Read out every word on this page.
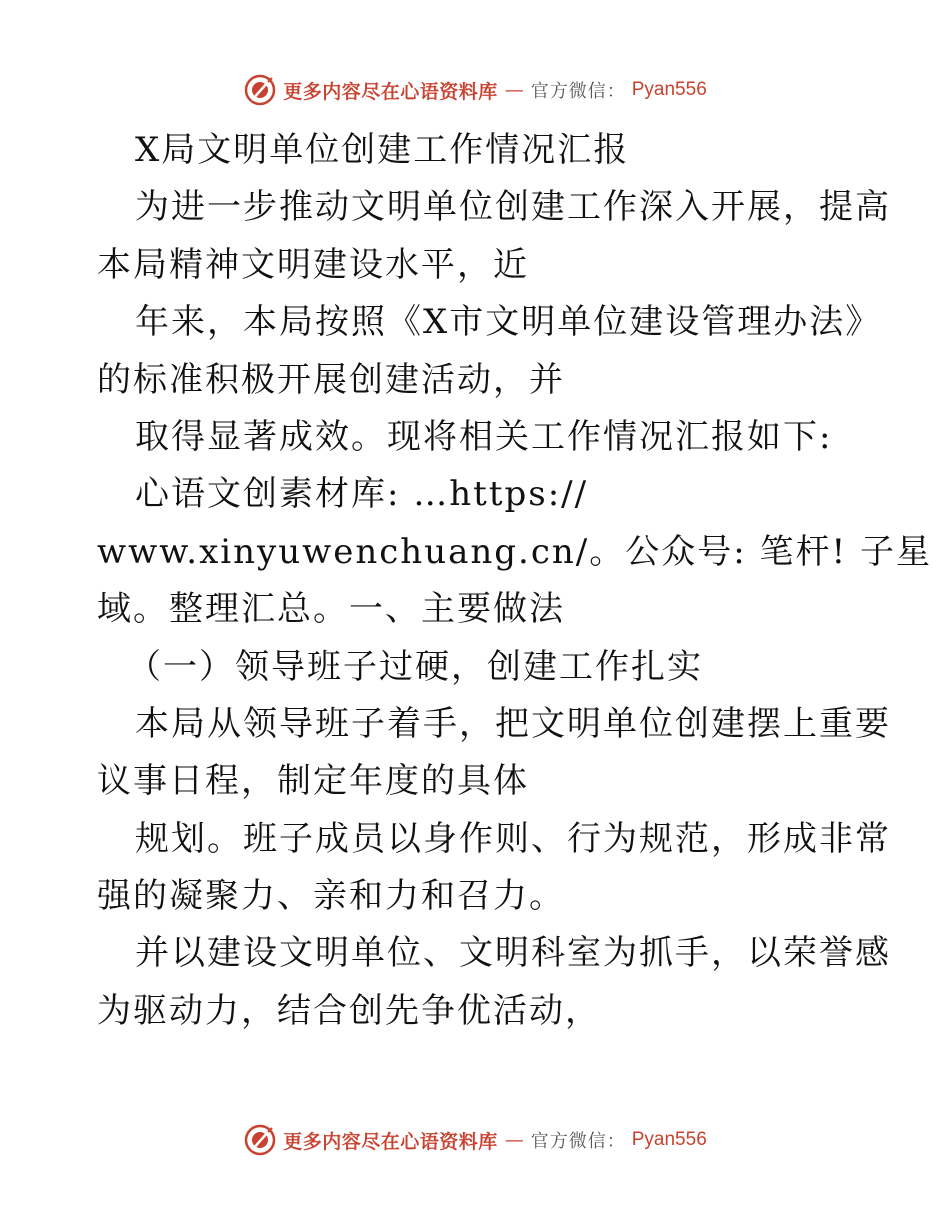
更多内容尽在心语资料库 — 官方微信： Pyan556
X局文明单位创建工作情况汇报
为进一步推动文明单位创建工作深入开展，提高
本局精神文明建设水平，近
年来，本局按照《X市文明单位建设管理办法》
的标准积极开展创建活动，并
取得显著成效。现将相关工作情况汇报如下:
心语文创素材库: …https://
www.xinyuwenchuang.cn/。公众号: 笔杆! 子星
域。整理汇总。一、主要做法
（一）领导班子过硬，创建工作扎实
本局从领导班子着手，把文明单位创建摆上重要
议事日程，制定年度的具体
规划。班子成员以身作则、行为规范，形成非常
强的凝聚力、亲和力和召力。
并以建设文明单位、文明科室为抓手，以荣誉感
为驱动力，结合创先争优活动，
更多内容尽在心语资料库 — 官方微信： Pyan556
